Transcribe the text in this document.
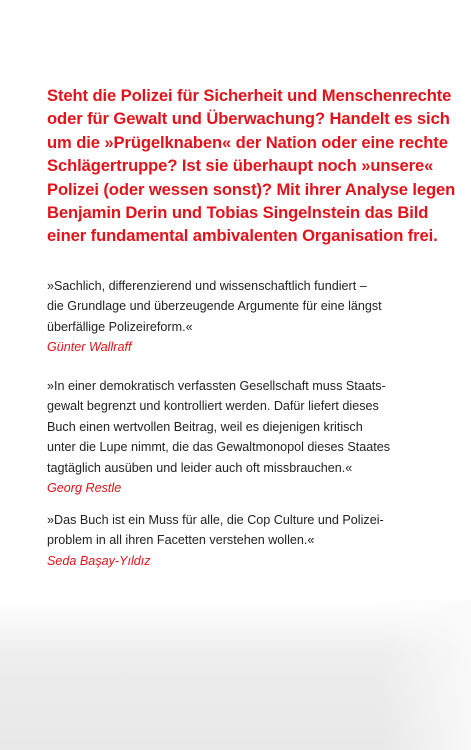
Steht die Polizei für Sicherheit und Menschenrechte
oder für Gewalt und Überwachung? Handelt es sich
um die »Prügelknaben« der Nation oder eine rechte
Schlägertruppe? Ist sie überhaupt noch »unsere«
Polizei (oder wessen sonst)? Mit ihrer Analyse legen
Benjamin Derin und Tobias Singelnstein das Bild
einer fundamental ambivalenten Organisation frei.
»Sachlich, differenzierend und wissenschaftlich fundiert –
die Grundlage und überzeugende Argumente für eine längst
überfällige Polizeireform.«
Günter Wallraff
»In einer demokratisch verfassten Gesellschaft muss Staats-
gewalt begrenzt und kontrolliert werden. Dafür liefert dieses
Buch einen wertvollen Beitrag, weil es diejenigen kritisch
unter die Lupe nimmt, die das Gewaltmonopol dieses Staates
tagtäglich ausüben und leider auch oft missbrauchen.«
Georg Restle
»Das Buch ist ein Muss für alle, die Cop Culture und Polizei-
problem in all ihren Facetten verstehen wollen.«
Seda Başay-Yıldız
